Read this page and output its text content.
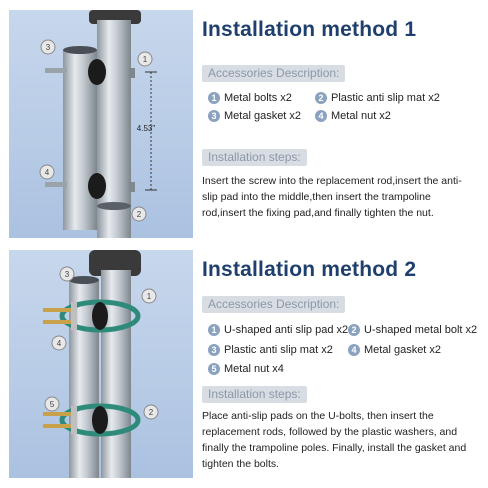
4.53"
1
2
3
4
Installation method 1
Accessories Description:
1 Metal bolts x2	2 Plastic anti slip mat x2
3 Metal gasket x2	4 Metal nut x2
Installation steps:

Insert the screw into the replacement rod,insert the anti-slip pad into the middle,then insert the trampoline rod,insert the fixing pad,and finally tighten the nut.

1
2
3
4
5
Installation method 2
Accessories Description:
1 U-shaped anti slip pad x2 2 U-shaped metal bolt x2
3 Plastic anti slip mat x2	4 Metal gasket x2
5 Metal nut x4
Installation steps:

Place anti-slip pads on the U-bolts, then insert the replacement rods, followed by the plastic washers, and finally the trampoline poles. Finally, install the gasket and tighten the bolts.
